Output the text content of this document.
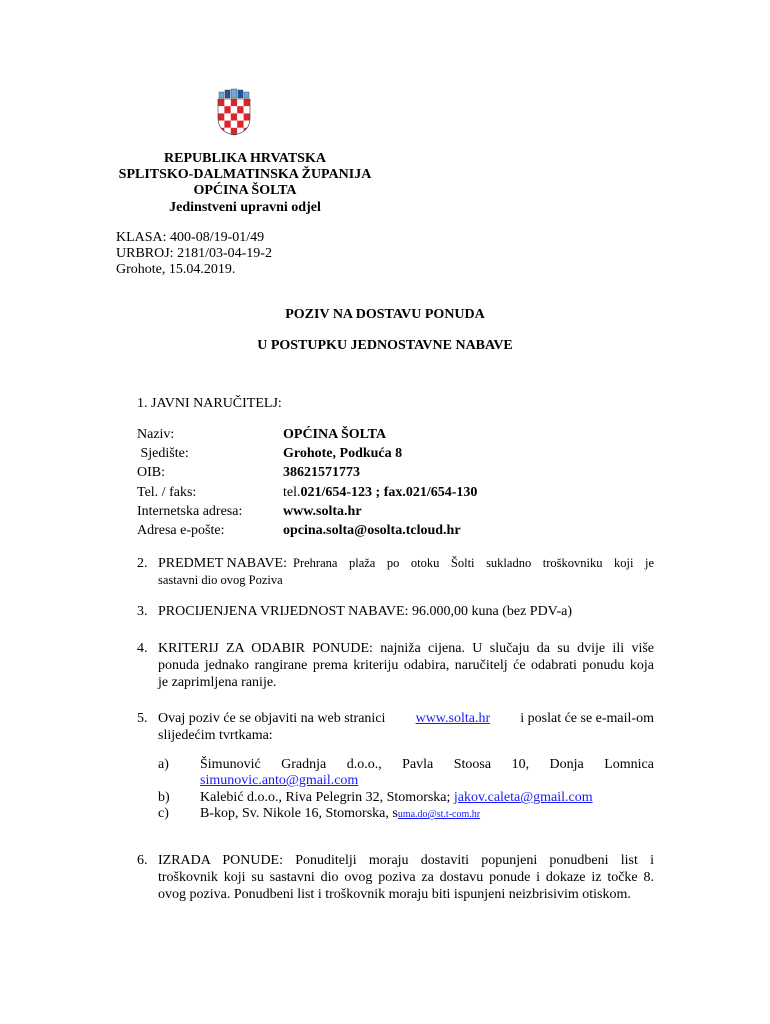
REPUBLIKA HRVATSKA
SPLITSKO-DALMATINSKA ŽUPANIJA
OPĆINA ŠOLTA
Jedinstveni upravni odjel
KLASA: 400-08/19-01/49
URBROJ: 2181/03-04-19-2
Grohote, 15.04.2019.
POZIV NA DOSTAVU PONUDA
U POSTUPKU JEDNOSTAVNE NABAVE
1. JAVNI NARUČITELJ:
Naziv:	OPĆINA ŠOLTA
Sjedište:	Grohote, Podkuća 8
OIB:	38621571773
Tel. / faks:	tel.021/654-123 ; fax.021/654-130
Internetska adresa:	www.solta.hr
Adresa e-pošte:	opcina.solta@osolta.tcloud.hr
2. PREDMET NABAVE: Prehrana plaža po otoku Šolti sukladno troškovniku koji je
sastavni dio ovog Poziva
3. PROCIJENJENA VRIJEDNOST NABAVE: 96.000,00 kuna (bez PDV-a)
4. KRITERIJ ZA ODABIR PONUDE: najniža cijena. U slučaju da su dvije ili više
ponuda jednako rangirane prema kriteriju odabira, naručitelj će odabrati ponudu koja
je zaprimljena ranije.
5. Ovaj poziv će se objaviti na web stranici www.solta.hr i poslat će se e-mail-om
slijedećim tvrtkama:
a) Šimunović Gradnja d.o.o., Pavla Stoosa 10, Donja Lomnica
simunovic.anto@gmail.com
b) Kalebić d.o.o., Riva Pelegrin 32, Stomorska; jakov.caleta@gmail.com
c) B-kop, Sv. Nikole 16, Stomorska, suma.do@st.t-com.hr
6. IZRADA PONUDE: Ponuditelji moraju dostaviti popunjeni ponudbeni list i
troškovnik koji su sastavni dio ovog poziva za dostavu ponude i dokaze iz točke 8.
ovog poziva. Ponudbeni list i troškovnik moraju biti ispunjeni neizbrisivim otiskom.
